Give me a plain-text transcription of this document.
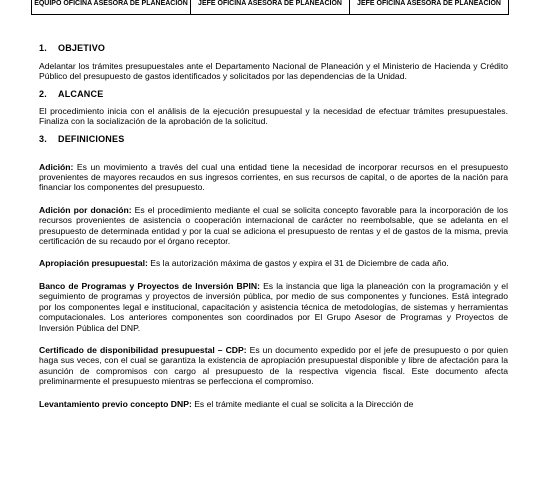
EQUIPO OFICINA ASESORA DE PLANEACIÓN	JEFE OFICINA ASESORA DE PLANEACIÓN	JEFE OFICINA ASESORA DE PLANEACIÓN
1. OBJETIVO

Adelantar los trámites presupuestales ante el Departamento Nacional de Planeación y el Ministerio de Hacienda y Crédito Público del presupuesto de gastos identificados y solicitados por las dependencias de la Unidad.

2. ALCANCE

El procedimiento inicia con el análisis de la ejecución presupuestal y la necesidad de efectuar trámites presupuestales. Finaliza con la socialización de la aprobación de la solicitud.

3. DEFINICIONES

Adición: Es un movimiento a través del cual una entidad tiene la necesidad de incorporar recursos en el presupuesto provenientes de mayores recaudos en sus ingresos corrientes, en sus recursos de capital, o de aportes de la nación para financiar los componentes del presupuesto.

Adición por donación: Es el procedimiento mediante el cual se solicita concepto favorable para la incorporación de los recursos provenientes de asistencia o cooperación internacional de carácter no reembolsable, que se adelanta en el presupuesto de determinada entidad y por la cual se adiciona el presupuesto de rentas y el de gastos de la misma, previa certificación de su recaudo por el órgano receptor.

Apropiación presupuestal: Es la autorización máxima de gastos y expira el 31 de Diciembre de cada año.

Banco de Programas y Proyectos de Inversión BPIN: Es la instancia que liga la planeación con la programación y el seguimiento de programas y proyectos de inversión pública, por medio de sus componentes y funciones. Está integrado por los componentes legal e institucional, capacitación y asistencia técnica de metodologías, de sistemas y herramientas computacionales. Los anteriores componentes son coordinados por El Grupo Asesor de Programas y Proyectos de Inversión Pública del DNP.

Certificado de disponibilidad presupuestal – CDP: Es un documento expedido por el jefe de presupuesto o por quien haga sus veces, con el cual se garantiza la existencia de apropiación presupuestal disponible y libre de afectación para la asunción de compromisos con cargo al presupuesto de la respectiva vigencia fiscal. Este documento afecta preliminarmente el presupuesto mientras se perfecciona el compromiso.

Levantamiento previo concepto DNP: Es el trámite mediante el cual se solicita a la Dirección de
